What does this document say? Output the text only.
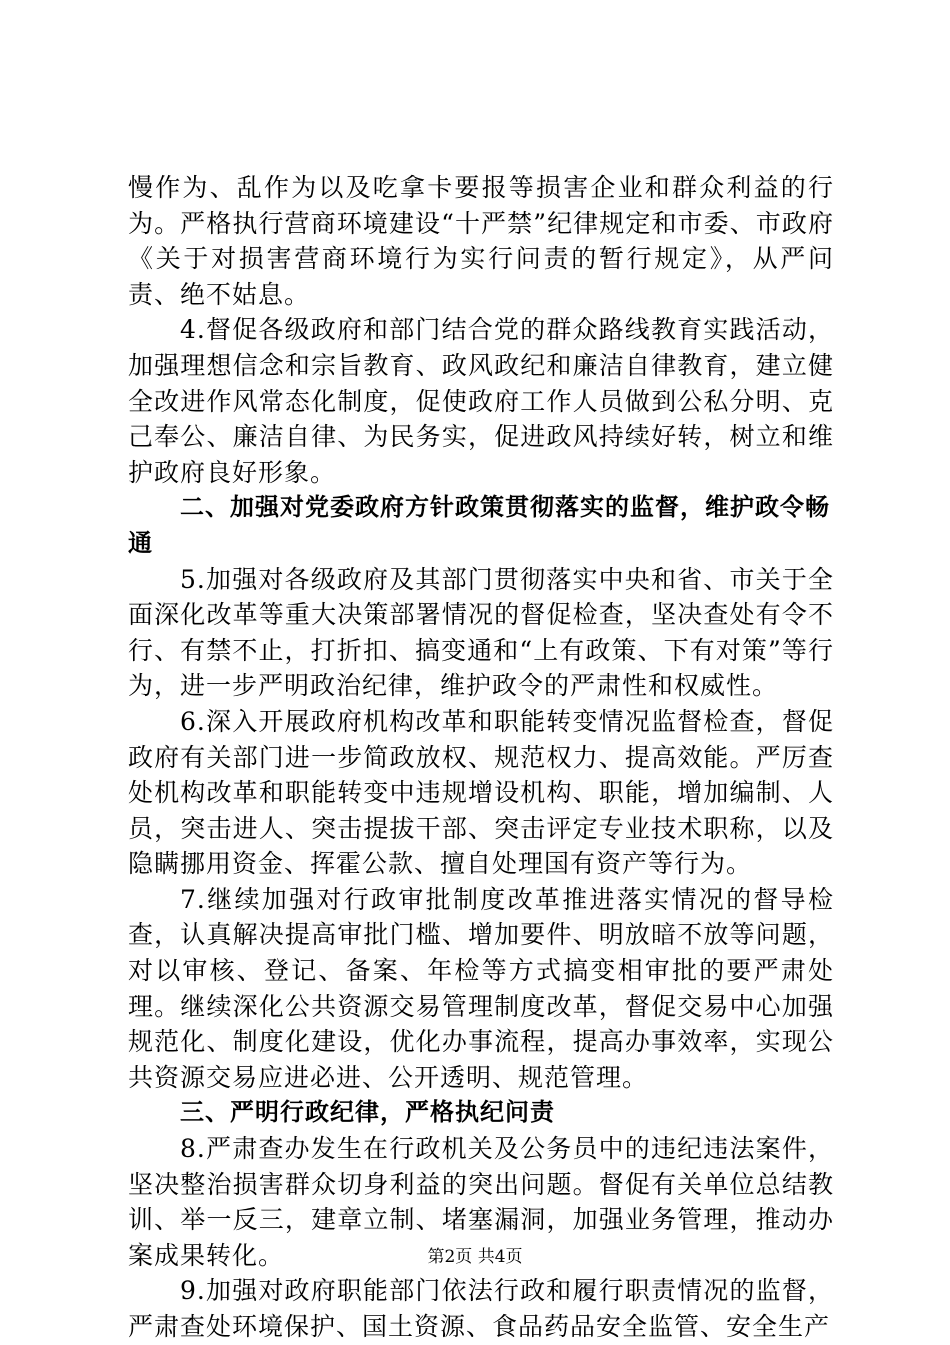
慢作为、乱作为以及吃拿卡要报等损害企业和群众利益的行为。严格执行营商环境建设“十严禁”纪律规定和市委、市政府《关于对损害营商环境行为实行问责的暂行规定》，从严问责、绝不姑息。

4.督促各级政府和部门结合党的群众路线教育实践活动，加强理想信念和宗旨教育、政风政纪和廉洁自律教育，建立健全改进作风常态化制度，促使政府工作人员做到公私分明、克己奉公、廉洁自律、为民务实，促进政风持续好转，树立和维护政府良好形象。

二、加强对党委政府方针政策贯彻落实的监督，维护政令畅通

5.加强对各级政府及其部门贯彻落实中央和省、市关于全面深化改革等重大决策部署情况的督促检查，坚决查处有令不行、有禁不止，打折扣、搞变通和“上有政策、下有对策”等行为，进一步严明政治纪律，维护政令的严肃性和权威性。

6.深入开展政府机构改革和职能转变情况监督检查，督促政府有关部门进一步简政放权、规范权力、提高效能。严厉查处机构改革和职能转变中违规增设机构、职能，增加编制、人员，突击进人、突击提拔干部、突击评定专业技术职称，以及隐瞒挪用资金、挥霍公款、擅自处理国有资产等行为。

7.继续加强对行政审批制度改革推进落实情况的督导检查，认真解决提高审批门槛、增加要件、明放暗不放等问题，对以审核、登记、备案、年检等方式搞变相审批的要严肃处理。继续深化公共资源交易管理制度改革，督促交易中心加强规范化、制度化建设，优化办事流程，提高办事效率，实现公共资源交易应进必进、公开透明、规范管理。

三、严明行政纪律，严格执纪问责

8.严肃查办发生在行政机关及公务员中的违纪违法案件，坚决整治损害群众切身利益的突出问题。督促有关单位总结教训、举一反三，建章立制、堵塞漏洞，加强业务管理，推动办案成果转化。

9.加强对政府职能部门依法行政和履行职责情况的监督，严肃查处环境保护、国土资源、食品药品安全监管、安全生产

第2页 共4页
